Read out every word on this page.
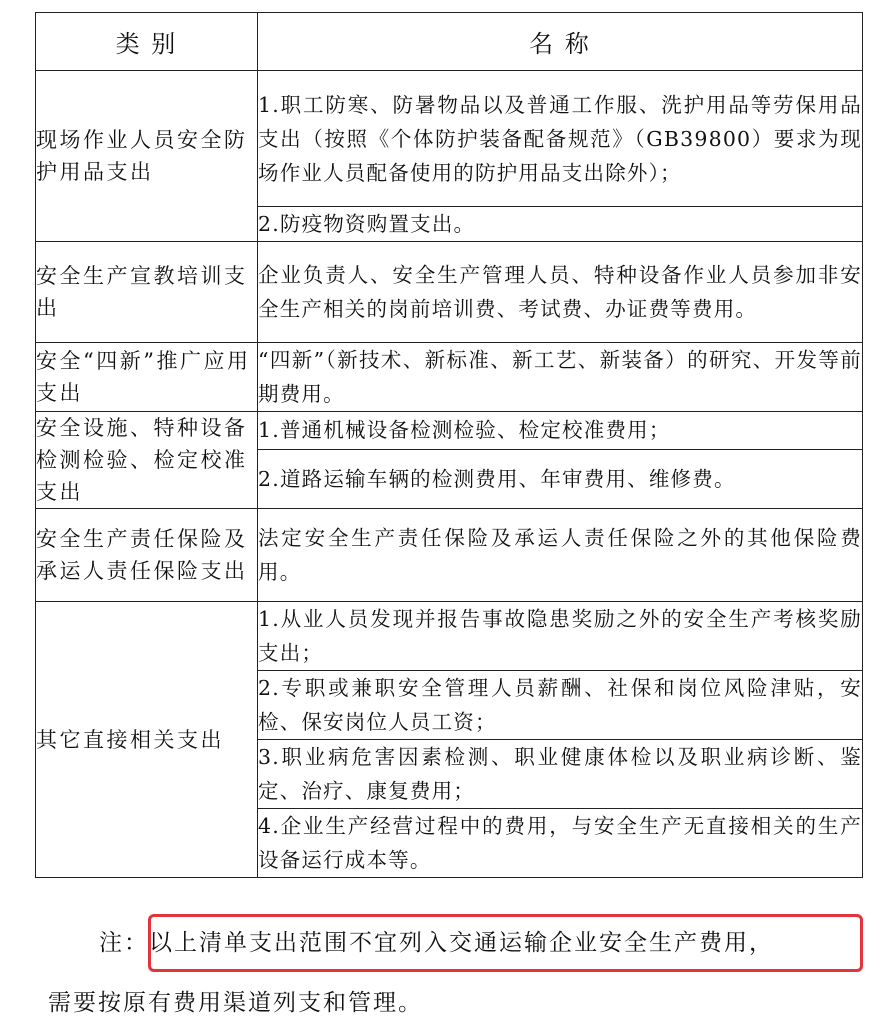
类 别	名 称
现场作业人员安全防护用品支出	1.职工防寒、防暑物品以及普通工作服、洗护用品等劳保用品支出（按照《个体防护装备配备规范》（GB39800）要求为现场作业人员配备使用的防护用品支出除外）；
	2.防疫物资购置支出。
安全生产宣教培训支出	企业负责人、安全生产管理人员、特种设备作业人员参加非安全生产相关的岗前培训费、考试费、办证费等费用。
安全“四新”推广应用支出	“四新”（新技术、新标准、新工艺、新装备）的研究、开发等前期费用。
安全设施、特种设备检测检验、检定校准支出	1.普通机械设备检测检验、检定校准费用；
	2.道路运输车辆的检测费用、年审费用、维修费。
安全生产责任保险及承运人责任保险支出	法定安全生产责任保险及承运人责任保险之外的其他保险费用。
其它直接相关支出	1.从业人员发现并报告事故隐患奖励之外的安全生产考核奖励支出；
	2.专职或兼职安全管理人员薪酬、社保和岗位风险津贴，安检、保安岗位人员工资；
	3.职业病危害因素检测、职业健康体检以及职业病诊断、鉴定、治疗、康复费用；
	4.企业生产经营过程中的费用，与安全生产无直接相关的生产设备运行成本等。
注：以上清单支出范围不宜列入交通运输企业安全生产费用，
需要按原有费用渠道列支和管理。
